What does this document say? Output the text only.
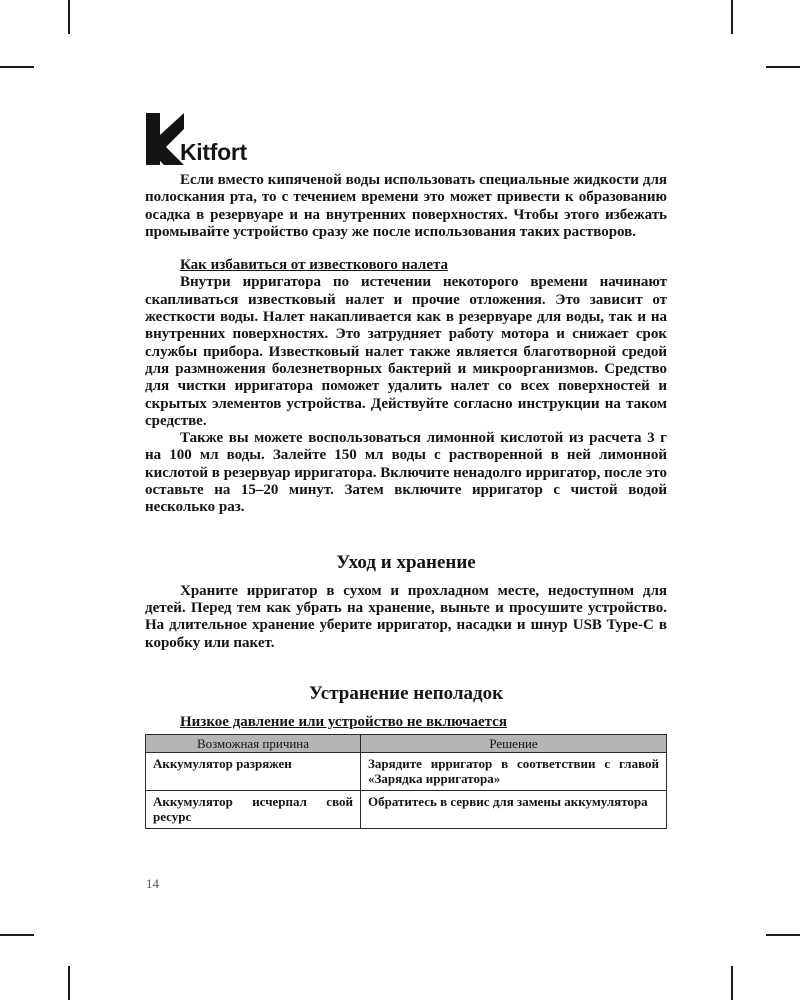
Kitfort

Если вместо кипяченой воды использовать специальные жидкости для полоскания рта, то с течением времени это может привести к образованию осадка в резервуаре и на внутренних поверхностях. Чтобы этого избежать промывайте устройство сразу же после использования таких растворов.

Как избавиться от известкового налета

Внутри ирригатора по истечении некоторого времени начинают скапливаться известковый налет и прочие отложения. Это зависит от жесткости воды. Налет накапливается как в резервуаре для воды, так и на внутренних поверхностях. Это затрудняет работу мотора и снижает срок службы прибора. Известковый налет также является благотворной средой для размножения болезнетворных бактерий и микроорганизмов. Средство для чистки ирригатора поможет удалить налет со всех поверхностей и скрытых элементов устройства. Действуйте согласно инструкции на таком средстве.

Также вы можете воспользоваться лимонной кислотой из расчета 3 г на 100 мл воды. Залейте 150 мл воды с растворенной в ней лимонной кислотой в резервуар ирригатора. Включите ненадолго ирригатор, после это оставьте на 15–20 минут. Затем включите ирригатор с чистой водой несколько раз.

Уход и хранение

Храните ирригатор в сухом и прохладном месте, недоступном для детей. Перед тем как убрать на хранение, выньте и просушите устройство. На длительное хранение уберите ирригатор, насадки и шнур USB Type-C в коробку или пакет.

Устранение неполадок
Низкое давление или устройство не включается
Возможная причина	Решение
Аккумулятор разряжен	Зарядите ирригатор в соответствии с главой «Зарядка ирригатора»
Аккумулятор исчерпал свой ресурс	Обратитесь в сервис для замены аккумулятора
14
